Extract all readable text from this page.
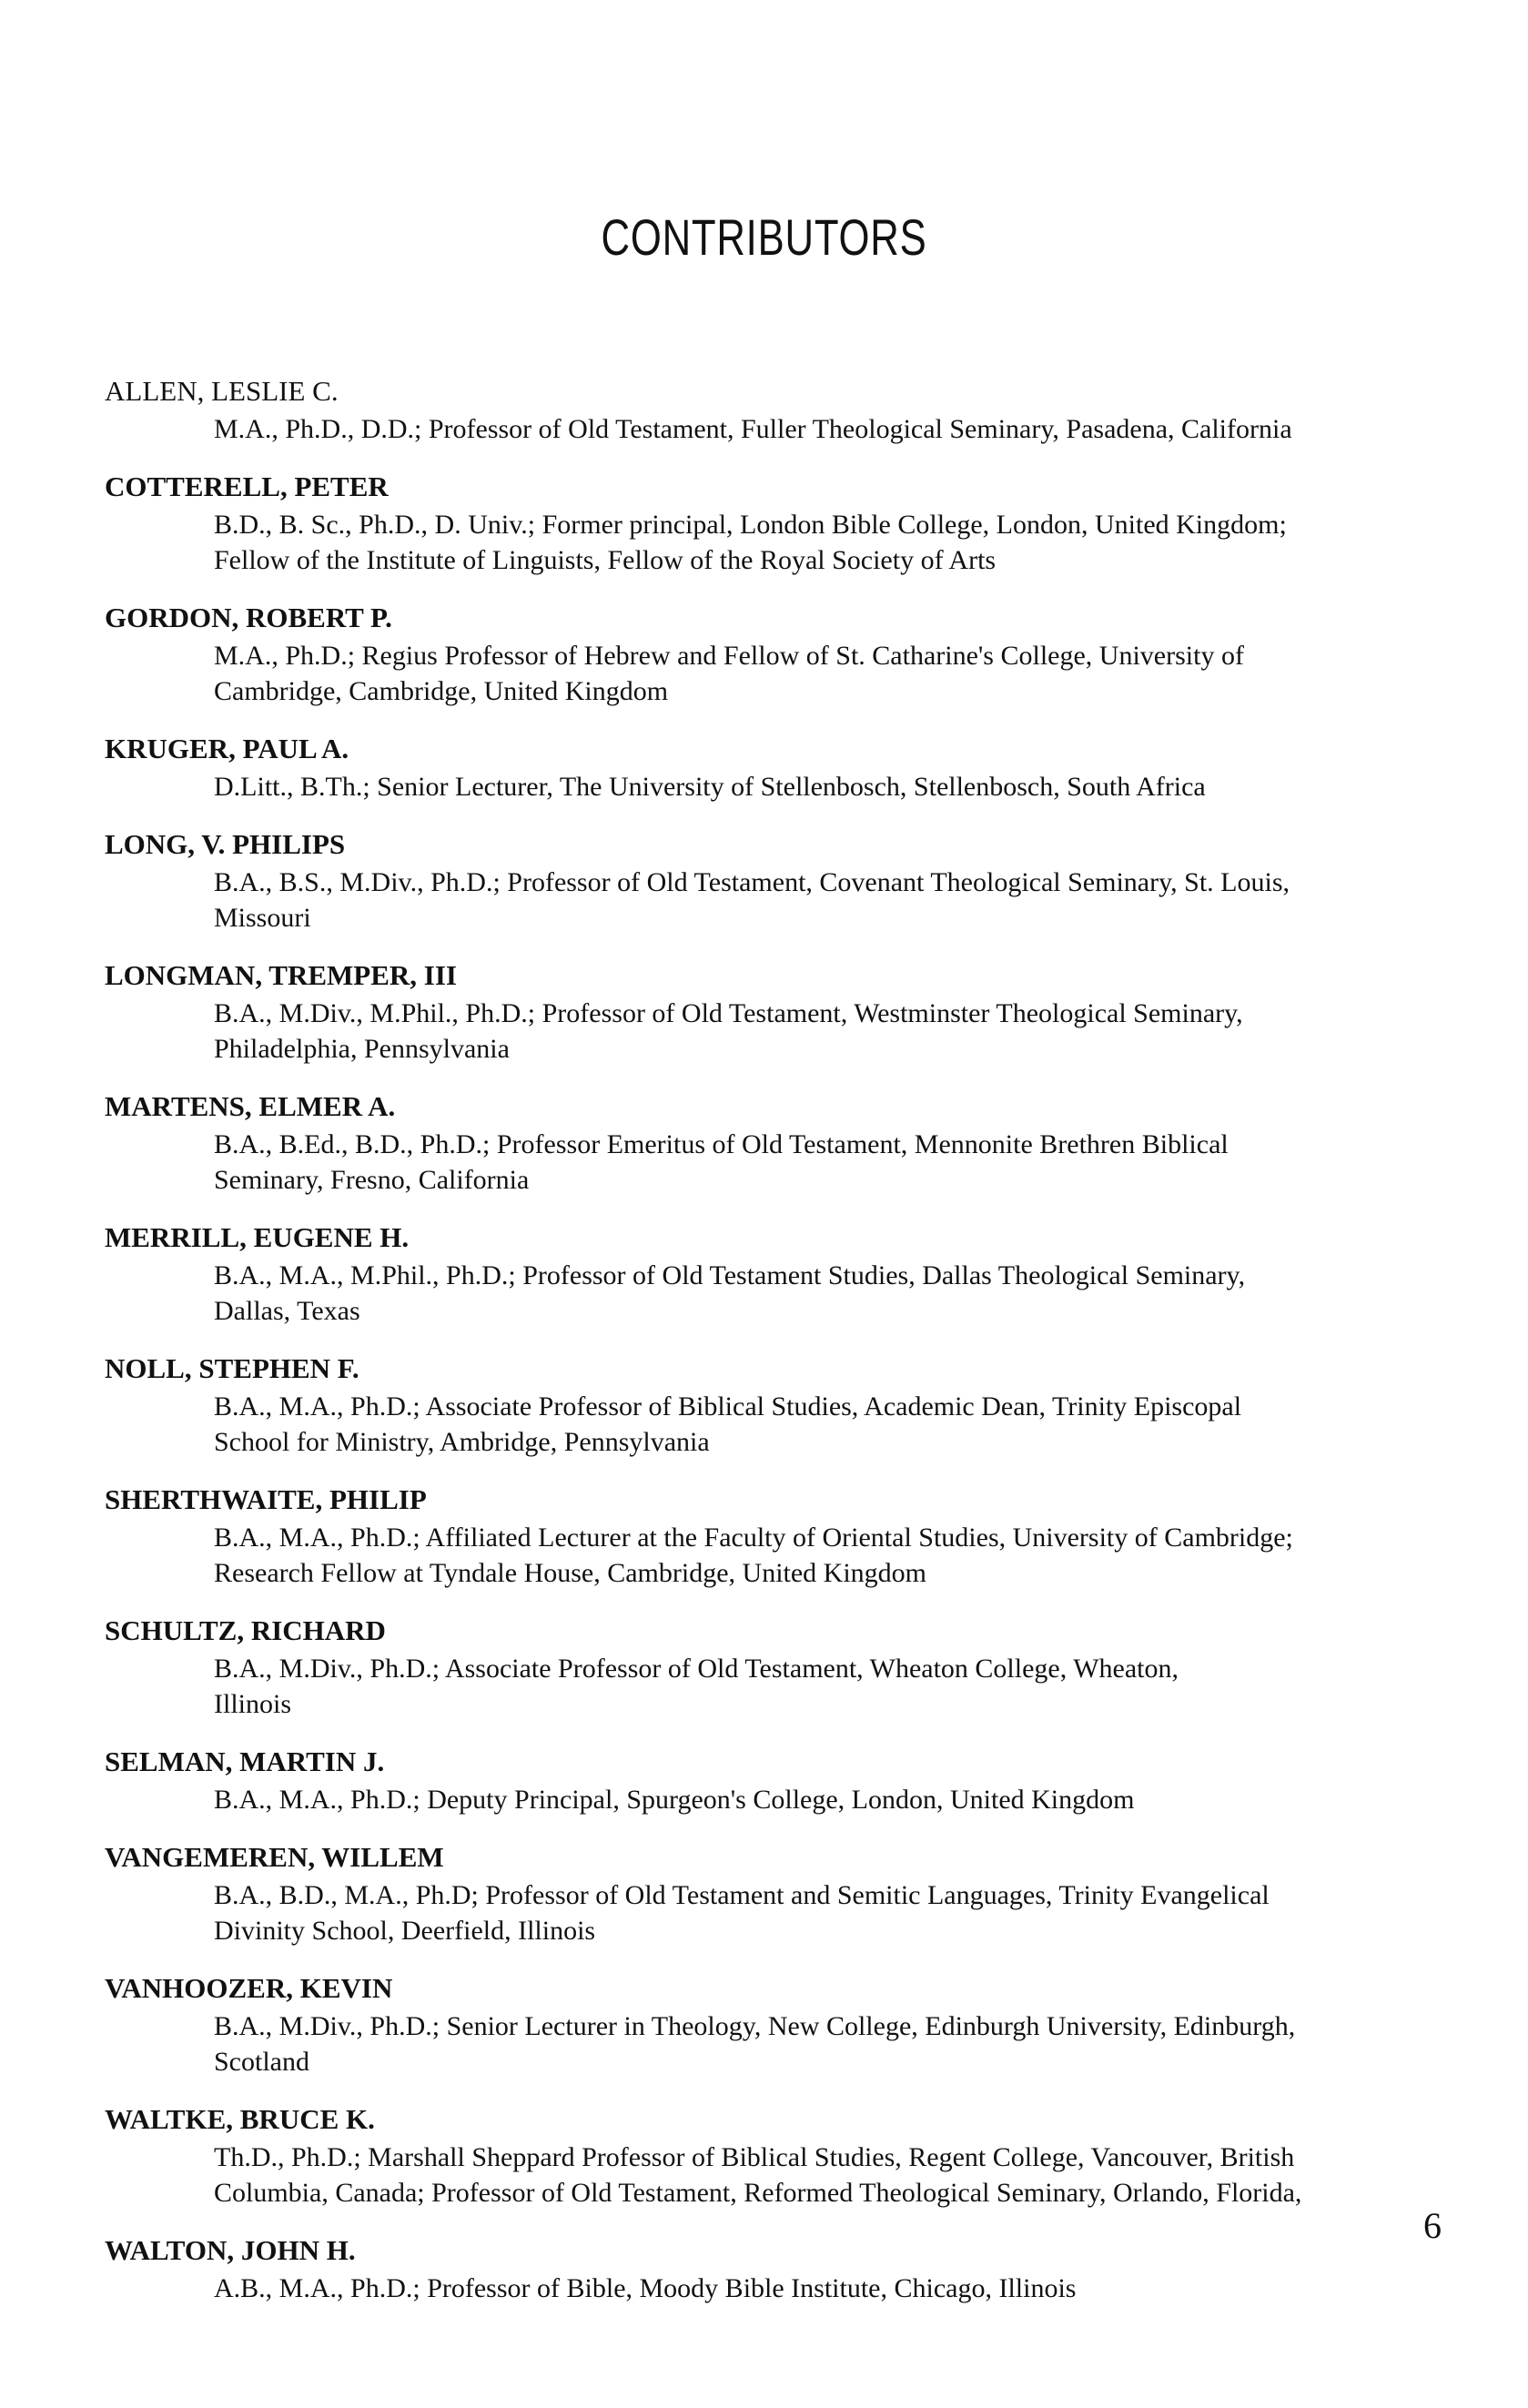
CONTRIBUTORS
ALLEN, LESLIE C.
M.A., Ph.D., D.D.; Professor of Old Testament, Fuller Theological Seminary, Pasadena, California
COTTERELL, PETER
B.D., B. Sc., Ph.D., D. Univ.; Former principal, London Bible College, London, United Kingdom;
Fellow of the Institute of Linguists, Fellow of the Royal Society of Arts
GORDON, ROBERT P.
M.A., Ph.D.; Regius Professor of Hebrew and Fellow of St. Catharine's College, University of
Cambridge, Cambridge, United Kingdom
KRUGER, PAUL A.
D.Litt., B.Th.; Senior Lecturer, The University of Stellenbosch, Stellenbosch, South Africa
LONG, V. PHILIPS
B.A., B.S., M.Div., Ph.D.; Professor of Old Testament, Covenant Theological Seminary, St. Louis,
Missouri
LONGMAN, TREMPER, III
B.A., M.Div., M.Phil., Ph.D.; Professor of Old Testament, Westminster Theological Seminary,
Philadelphia, Pennsylvania
MARTENS, ELMER A.
B.A., B.Ed., B.D., Ph.D.; Professor Emeritus of Old Testament, Mennonite Brethren Biblical
Seminary, Fresno, California
MERRILL, EUGENE H.
B.A., M.A., M.Phil., Ph.D.; Professor of Old Testament Studies, Dallas Theological Seminary,
Dallas, Texas
NOLL, STEPHEN F.
B.A., M.A., Ph.D.; Associate Professor of Biblical Studies, Academic Dean, Trinity Episcopal
School for Ministry, Ambridge, Pennsylvania
SHERTHWAITE, PHILIP
B.A., M.A., Ph.D.; Affiliated Lecturer at the Faculty of Oriental Studies, University of Cambridge;
Research Fellow at Tyndale House, Cambridge, United Kingdom
SCHULTZ, RICHARD
B.A., M.Div., Ph.D.; Associate Professor of Old Testament, Wheaton College, Wheaton,
Illinois
SELMAN, MARTIN J.
B.A., M.A., Ph.D.; Deputy Principal, Spurgeon's College, London, United Kingdom
VANGEMEREN, WILLEM
B.A., B.D., M.A., Ph.D; Professor of Old Testament and Semitic Languages, Trinity Evangelical
Divinity School, Deerfield, Illinois
VANHOOZER, KEVIN
B.A., M.Div., Ph.D.; Senior Lecturer in Theology, New College, Edinburgh University, Edinburgh,
Scotland
WALTKE, BRUCE K.
Th.D., Ph.D.; Marshall Sheppard Professor of Biblical Studies, Regent College, Vancouver, British
Columbia, Canada; Professor of Old Testament, Reformed Theological Seminary, Orlando, Florida,
WALTON, JOHN H.
A.B., M.A., Ph.D.; Professor of Bible, Moody Bible Institute, Chicago, Illinois
6
